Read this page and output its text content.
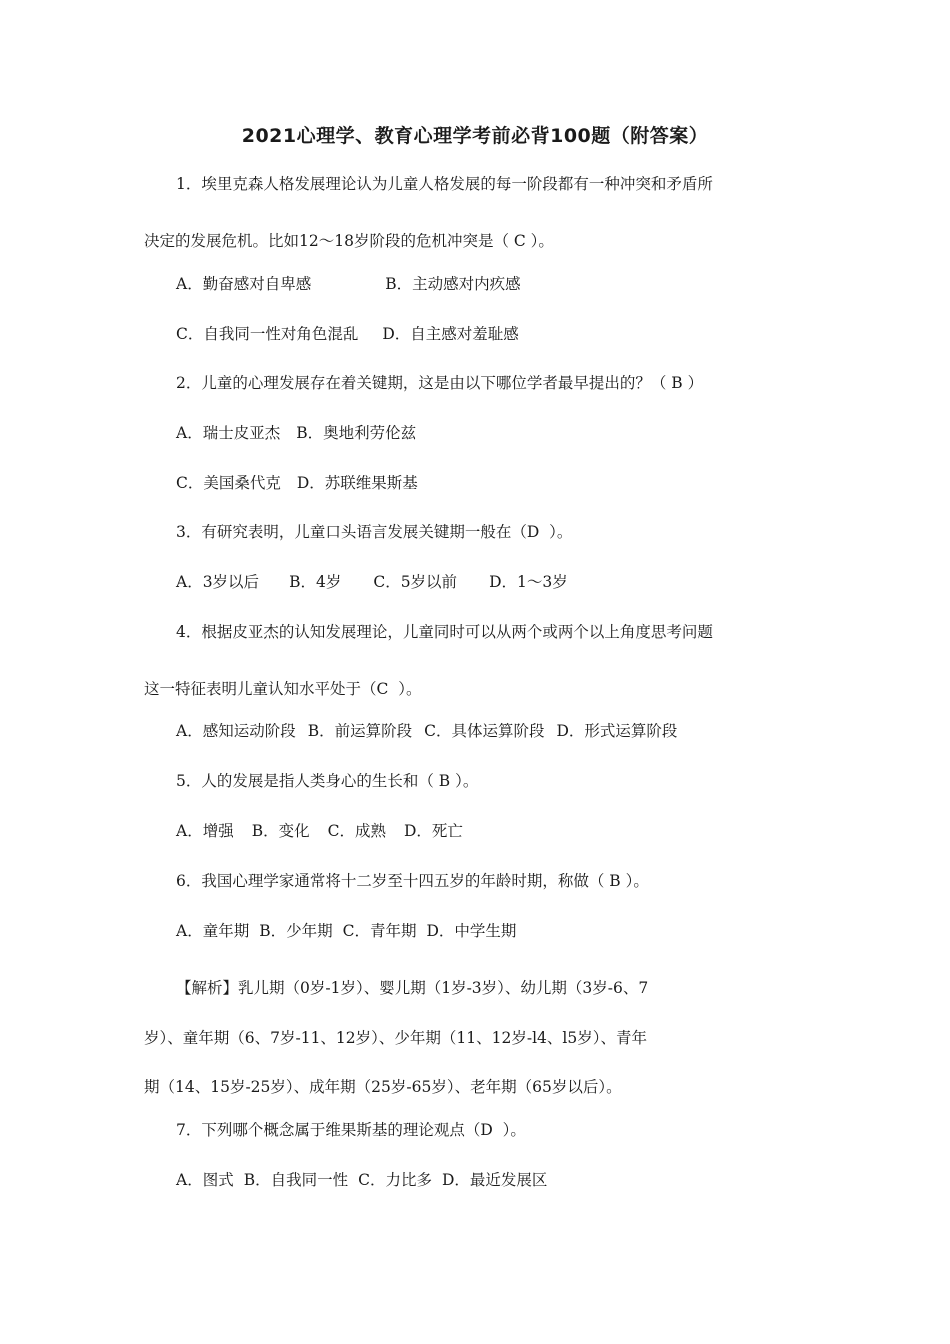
2021心理学、教育心理学考前必背100题（附答案）
1．埃里克森人格发展理论认为儿童人格发展的每一阶段都有一种冲突和矛盾所
决定的发展危机。比如12～18岁阶段的危机冲突是（ C ）。
A．勤奋感对自卑感	B．主动感对内疚感
C．自我同一性对角色混乱 D．自主感对羞耻感
2．儿童的心理发展存在着关键期，这是由以下哪位学者最早提出的？（ B ）
A．瑞士皮亚杰 B．奥地利劳伦兹
C．美国桑代克 D．苏联维果斯基
3．有研究表明，儿童口头语言发展关键期一般在（D  ）。
A．3岁以后 B．4岁 C．5岁以前 D．1～3岁
4．根据皮亚杰的认知发展理论，儿童同时可以从两个或两个以上角度思考问题
这一特征表明儿童认知水平处于（C  ）。
A．感知运动阶段 B．前运算阶段 C．具体运算阶段 D．形式运算阶段
5．人的发展是指人类身心的生长和（ B ）。
A．增强 B．变化 C．成熟 D．死亡
6．我国心理学家通常将十二岁至十四五岁的年龄时期，称做（ B ）。
A．童年期 B．少年期 C．青年期 D．中学生期
【解析】乳儿期（0岁-1岁）、婴儿期（1岁-3岁）、幼儿期（3岁-6、7
岁）、童年期（6、7岁-11、12岁）、少年期（11、12岁-l4、l5岁）、青年
期（14、15岁-25岁）、成年期（25岁-65岁）、老年期（65岁以后）。
7．下列哪个概念属于维果斯基的理论观点（D  ）。
A．图式 B．自我同一性 C．力比多 D．最近发展区
